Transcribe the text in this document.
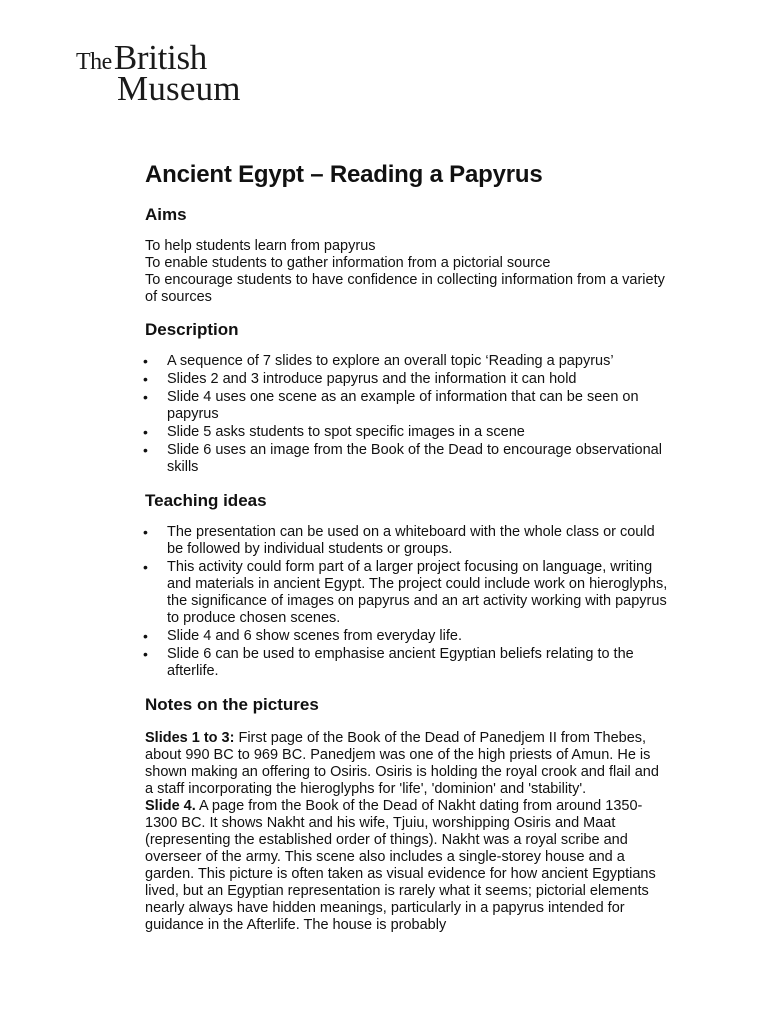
The British
Museum
Ancient Egypt – Reading a Papyrus
Aims

To help students learn from papyrus

To enable students to gather information from a pictorial source

To encourage students to have confidence in collecting information from a variety of sources

Description
• A sequence of 7 slides to explore an overall topic ‘Reading a papyrus’
• Slides 2 and 3 introduce papyrus and the information it can hold
• Slide 4 uses one scene as an example of information that can be seen on papyrus
• Slide 5 asks students to spot specific images in a scene
• Slide 6 uses an image from the Book of the Dead to encourage observational skills
Teaching ideas
• The presentation can be used on a whiteboard with the whole class or could be followed by individual students or groups.
• This activity could form part of a larger project focusing on language, writing and materials in ancient Egypt. The project could include work on hieroglyphs, the significance of images on papyrus and an art activity working with papyrus to produce chosen scenes.
• Slide 4 and 6 show scenes from everyday life.
• Slide 6 can be used to emphasise ancient Egyptian beliefs relating to the afterlife.
Notes on the pictures

Slides 1 to 3: First page of the Book of the Dead of Panedjem II from Thebes, about 990 BC to 969 BC. Panedjem was one of the high priests of Amun. He is shown making an offering to Osiris. Osiris is holding the royal crook and flail and a staff incorporating the hieroglyphs for 'life', 'dominion' and 'stability'.

Slide 4. A page from the Book of the Dead of Nakht dating from around 1350-1300 BC. It shows Nakht and his wife, Tjuiu, worshipping Osiris and Maat (representing the established order of things). Nakht was a royal scribe and overseer of the army. This scene also includes a single-storey house and a garden. This picture is often taken as visual evidence for how ancient Egyptians lived, but an Egyptian representation is rarely what it seems; pictorial elements nearly always have hidden meanings, particularly in a papyrus intended for guidance in the Afterlife. The house is probably
